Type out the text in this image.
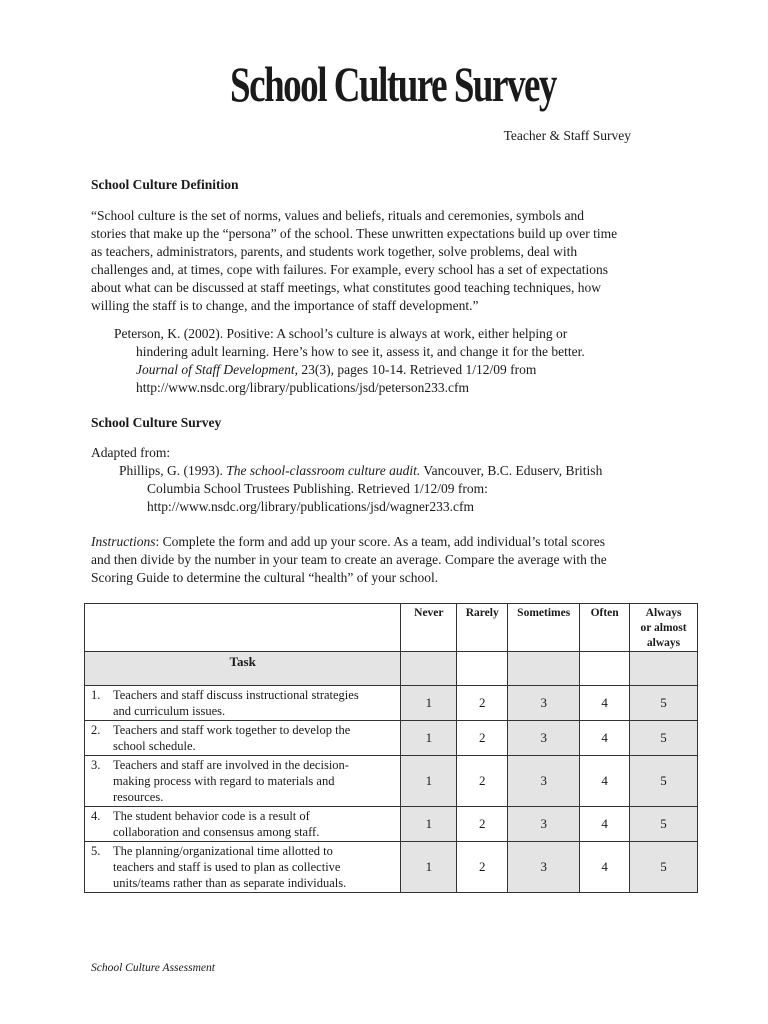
School Culture Survey
Teacher & Staff Survey
School Culture Definition
“School culture is the set of norms, values and beliefs, rituals and ceremonies, symbols and
stories that make up the “persona” of the school. These unwritten expectations build up over time
as teachers, administrators, parents, and students work together, solve problems, deal with
challenges and, at times, cope with failures. For example, every school has a set of expectations
about what can be discussed at staff meetings, what constitutes good teaching techniques, how
willing the staff is to change, and the importance of staff development.”
Peterson, K. (2002). Positive: A school’s culture is always at work, either helping or
hindering adult learning. Here’s how to see it, assess it, and change it for the better.
Journal of Staff Development, 23(3), pages 10-14. Retrieved 1/12/09 from
http://www.nsdc.org/library/publications/jsd/peterson233.cfm
School Culture Survey
Adapted from:
Phillips, G. (1993). The school-classroom culture audit. Vancouver, B.C. Eduserv, British
Columbia School Trustees Publishing. Retrieved 1/12/09 from:
http://www.nsdc.org/library/publications/jsd/wagner233.cfm
Instructions: Complete the form and add up your score. As a team, add individual’s total scores
and then divide by the number in your team to create an average. Compare the average with the
Scoring Guide to determine the cultural “health” of your school.
	Never	Rarely	Sometimes	Often	Always
or almost
always

Task					
1. Teachers and staff discuss instructional strategies
and curriculum issues.	1	2	3	4	5
2. Teachers and staff work together to develop the
school schedule.	1	2	3	4	5
3. Teachers and staff are involved in the decision-
making process with regard to materials and
resources.	1	2	3	4	5
4. The student behavior code is a result of
collaboration and consensus among staff.	1	2	3	4	5
5. The planning/organizational time allotted to
teachers and staff is used to plan as collective
units/teams rather than as separate individuals.	1	2	3	4	5
School Culture Assessment
